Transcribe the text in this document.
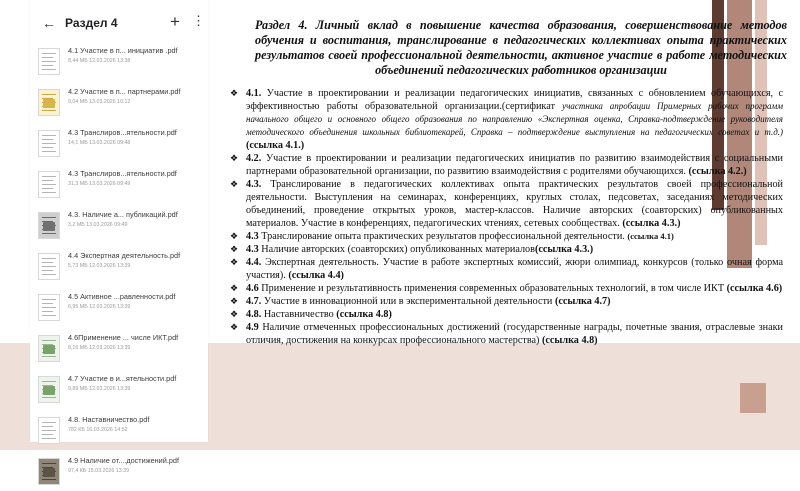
← Раздел 4	+ ⋮
4.1 Участие в п... инициатив .pdf
8,44 МБ 12.03.2026 13:38
4.2 Участие в п... партнерами.pdf
9,04 МБ 13.03.2026 10:12
4.3 Транслиров...ятельности.pdf
14,1 МБ 13.03.2026 09:48
4.3 Транслиров...ятельности.pdf
31,3 МБ 13.03.2026 09:49
4.3. Наличие а... публикаций.pdf
3,2 МБ 13.03.2026 09:49
4.4 Экспертная деятельность.pdf
5,73 МБ 12.03.2026 13:39
4.5 Активное ...равленности.pdf
6,95 МБ 12.03.2026 13:39
4.6Применение ... числе ИКТ.pdf
8,16 МБ 12.03.2026 13:39
4.7 Участие в и...ятельности.pdf
9,89 МБ 12.03.2026 13:39
4.8. Наставничество.pdf
782 КБ 16.03.2026 14:52
4.9 Наличие от....достижений.pdf
97,4 КБ 15.03.2026 13:39
Раздел 4. Личный вклад в повышение качества образования, совершенствование методов обучения и воспитания, транслирование в педагогических коллективах опыта практических результатов своей профессиональной деятельности, активное участие в работе методических объединений педагогических работников организации
❖ 4.1. Участие в проектировании и реализации педагогических инициатив, связанных с обновлением обучающихся, с эффективностью работы образовательной организации.(сертификат участника апробации Примерных рабочих программ начального общего и основного общего образования по направлению «Экспертная оценка, Справка-подтверждение руководителя методического объединения школьных библиотекарей, Справка – подтверждение выступления на педагогических советах и т.д.) (ссылка 4.1.)
❖ 4.2. Участие в проектировании и реализации педагогических инициатив по развитию взаимодействия с социальными партнерами образовательной организации, по развитию взаимодействия с родителями обучающихся. (ссылка 4.2.)
❖ 4.3. Транслирование в педагогических коллективах опыта практических результатов своей профессиональной деятельности. Выступления на семинарах, конференциях, круглых столах, педсоветах, заседаниях методических объединений, проведение открытых уроков, мастер-классов. Наличие авторских (соавторских) опубликованных материалов. Участие в конференциях, педагогических чтениях, сетевых сообществах. (ссылка 4.3.)
❖ 4.3 Транслирование опыта практических результатов профессиональной деятельности. (ссылка 4.1)
❖ 4.3 Наличие авторских (соавторских) опубликованных материалов(ссылка 4.3.)
❖ 4.4. Экспертная деятельность. Участие в работе экспертных комиссий, жюри олимпиад, конкурсов (только очная форма участия). (ссылка 4.4)
❖ 4.6 Применение и результативность применения современных образовательных технологий, в том числе ИКТ (ссылка 4.6)
❖ 4.7. Участие в инновационной или в экспериментальной деятельности (ссылка 4.7)
❖ 4.8. Наставничество (ссылка 4.8)
❖ 4.9 Наличие отмеченных профессиональных достижений (государственные награды, почетные звания, отраслевые знаки отличия, достижения на конкурсах профессионального мастерства) (ссылка 4.8)
